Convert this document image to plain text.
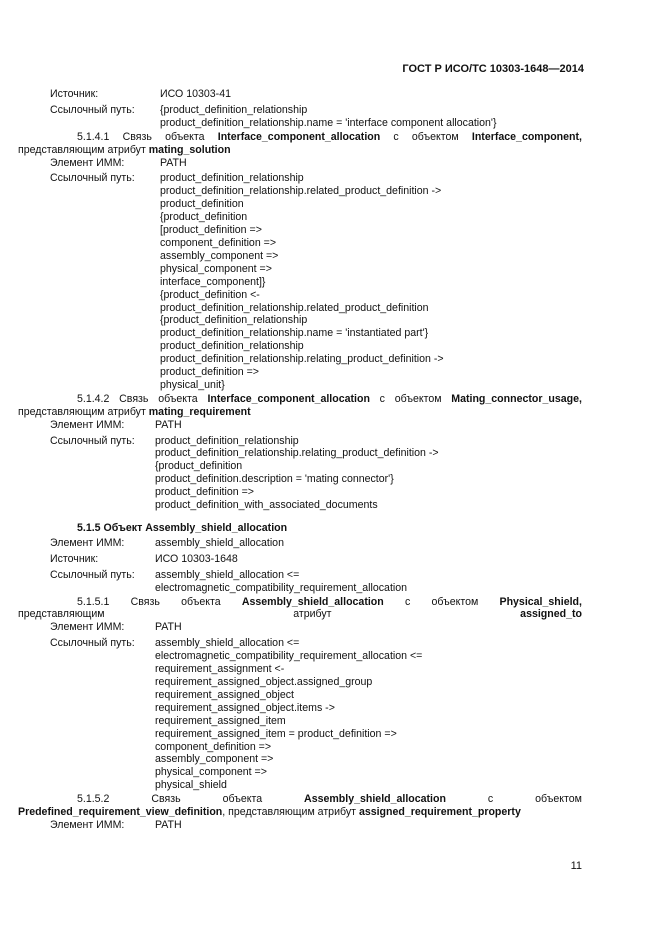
ГОСТ Р ИСО/ТС 10303-1648—2014
Источник:	ИСО 10303-41
Ссылочный путь:	{product_definition_relationship
product_definition_relationship.name = 'interface component allocation'}
5.1.4.1 Связь объекта Interface_component_allocation с объектом Interface_component, представляющим атрибут mating_solution
Элемент ИММ:	PATH
Ссылочный путь:	product_definition_relationship
product_definition_relationship.related_product_definition ->
product_definition
{product_definition
[product_definition =>
component_definition =>
assembly_component =>
physical_component =>
interface_component]}
{product_definition <-
product_definition_relationship.related_product_definition
{product_definition_relationship
product_definition_relationship.name = 'instantiated part'}
product_definition_relationship
product_definition_relationship.relating_product_definition ->
product_definition =>
physical_unit}
5.1.4.2 Связь объекта Interface_component_allocation с объектом Mating_connector_usage, представляющим атрибут mating_requirement
Элемент ИММ:	PATH
Ссылочный путь:	product_definition_relationship
product_definition_relationship.relating_product_definition ->
{product_definition
product_definition.description = 'mating connector'}
product_definition =>
product_definition_with_associated_documents
5.1.5 Объект Assembly_shield_allocation
Элемент ИММ:	assembly_shield_allocation
Источник:	ИСО 10303-1648
Ссылочный путь:	assembly_shield_allocation <=
electromagnetic_compatibility_requirement_allocation
5.1.5.1 Связь объекта Assembly_shield_allocation с объектом Physical_shield,
представляющим атрибут	assigned_to
Элемент ИММ:	PATH
Ссылочный путь:	assembly_shield_allocation <=
electromagnetic_compatibility_requirement_allocation <=
requirement_assignment <-
requirement_assigned_object.assigned_group
requirement_assigned_object
requirement_assigned_object.items ->
requirement_assigned_item
requirement_assigned_item = product_definition =>
component_definition =>
assembly_component =>
physical_component =>
physical_shield
5.1.5.2	Связь	объекта	Assembly_shield_allocation	с	объектом
Predefined_requirement_view_definition, представляющим атрибут assigned_requirement_property
Элемент ИММ:	PATH
11
